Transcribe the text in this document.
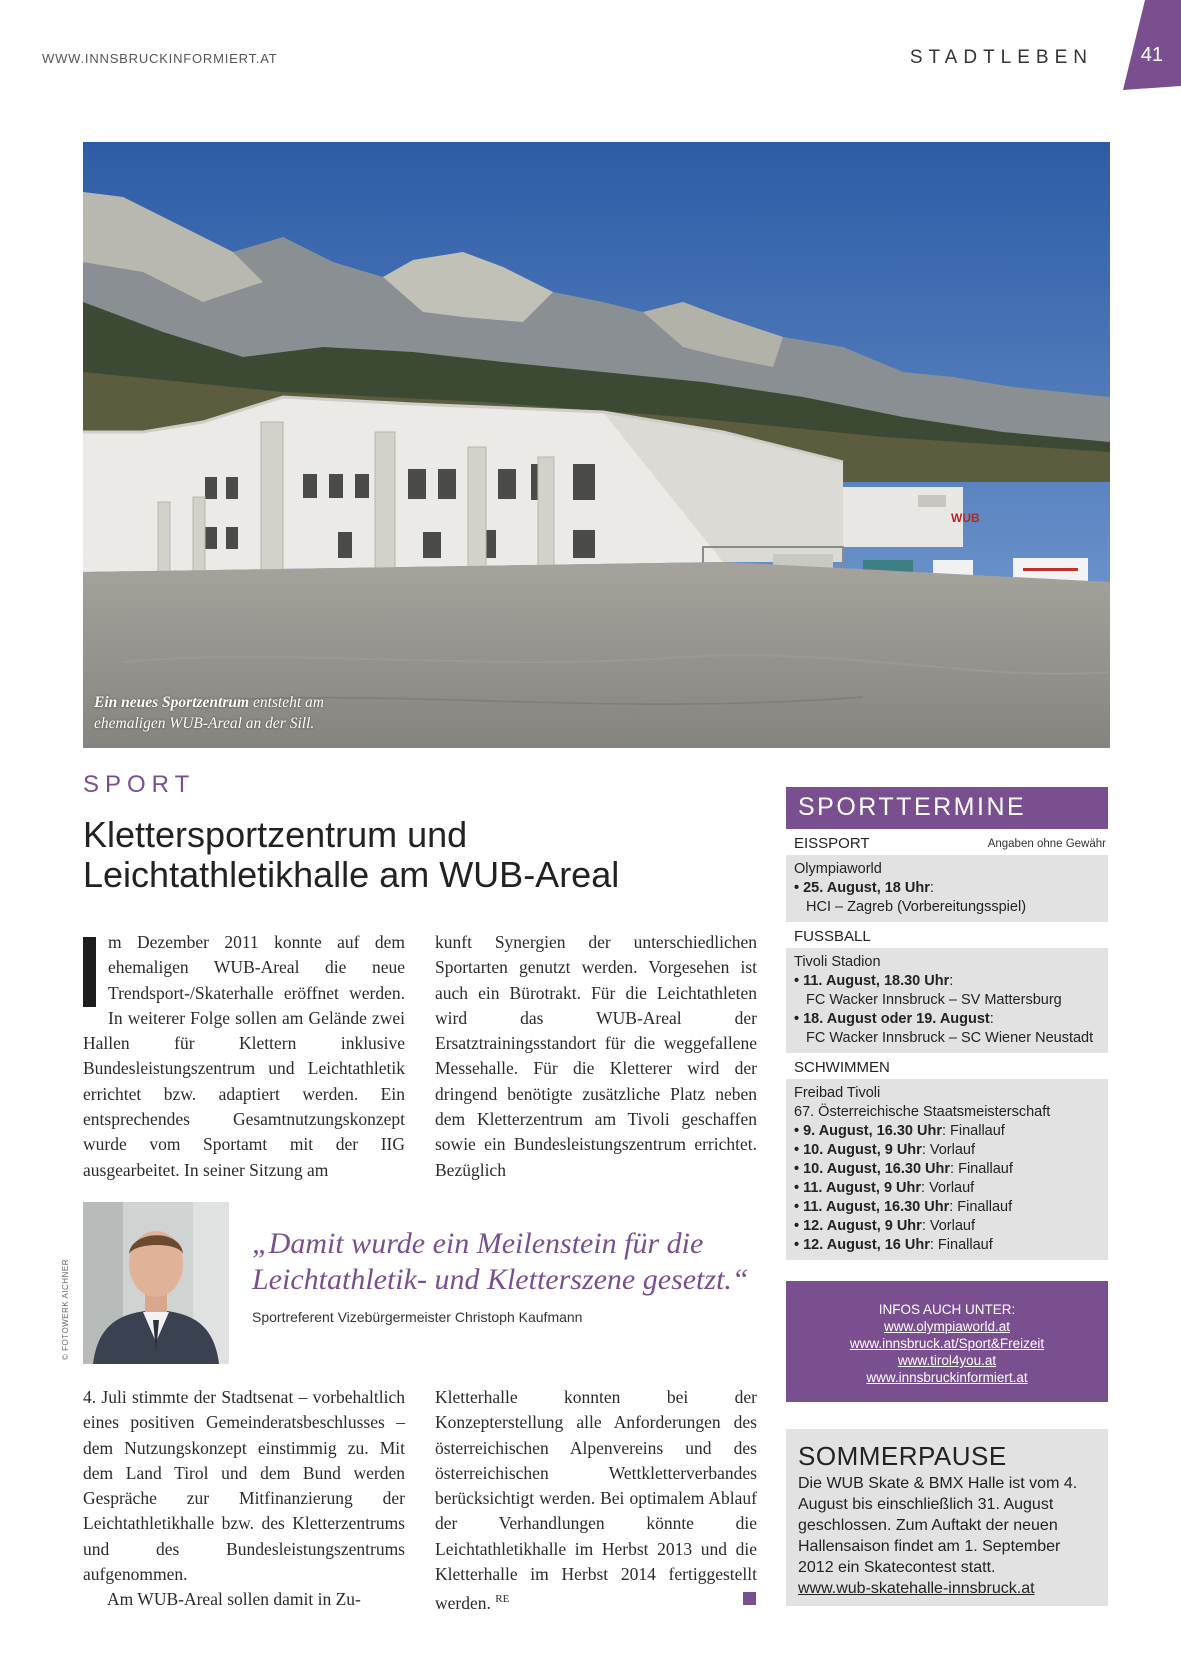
WWW.INNSBRUCKINFORMIERT.AT	STADTLEBEN 41
WUB
Ein neues Sportzentrum entsteht am
ehemaligen WUB-Areal an der Sill.
SPORT
Klettersportzentrum und
Leichtathletikhalle am WUB-Areal

m Dezember 2011 konnte auf dem ehemaligen WUB-Areal die neue Trendsport-/Skaterhalle eröffnet werden. In weiterer Folge sollen am Gelände zwei Hallen für Klettern inklusive Bundesleistungszentrum und Leichtathletik errichtet bzw. adaptiert werden. Ein entsprechendes Gesamtnutzungskonzept wurde vom Sportamt mit der IIG ausgearbeitet. In seiner Sitzung am

kunft Synergien der unterschiedlichen Sportarten genutzt werden. Vorgesehen ist auch ein Bürotrakt. Für die Leichtathleten wird das WUB-Areal der Ersatztrainingsstandort für die weggefallene Messehalle. Für die Kletterer wird der dringend benötigte zusätzliche Platz neben dem Kletterzentrum am Tivoli geschaffen sowie ein Bundesleistungszentrum errichtet. Bezüglich

© FOTOWERK AICHNER
„Damit wurde ein Meilenstein für die
Leichtathletik- und Kletterszene gesetzt.“
Sportreferent Vizebürgermeister Christoph Kaufmann

4. Juli stimmte der Stadtsenat – vorbehaltlich eines positiven Gemeinderatsbeschlusses – dem Nutzungskonzept einstimmig zu. Mit dem Land Tirol und dem Bund werden Gespräche zur Mitfinanzierung der Leichtathletikhalle bzw. des Kletterzentrums und des Bundesleistungszentrums aufgenommen.

Am WUB-Areal sollen damit in Zu-

Kletterhalle konnten bei der Konzepterstellung alle Anforderungen des österreichischen Alpenvereins und des österreichischen Wettkletterverbandes berücksichtigt werden. Bei optimalem Ablauf der Verhandlungen könnte die Leichtathletikhalle im Herbst 2013 und die Kletterhalle im Herbst 2014 fertiggestellt werden. $^{RE}$

SPORTTERMINE
EISSPORT	Angaben ohne Gewähr
Olympiaworld
• 25. August, 18 Uhr:
HCI – Zagreb (Vorbereitungsspiel)
FUSSBALL
Tivoli Stadion
• 11. August, 18.30 Uhr:
FC Wacker Innsbruck – SV Mattersburg
• 18. August oder 19. August:
FC Wacker Innsbruck – SC Wiener Neustadt
SCHWIMMEN
Freibad Tivoli
67. Österreichische Staatsmeisterschaft
• 9. August, 16.30 Uhr: Finallauf
• 10. August, 9 Uhr: Vorlauf
• 10. August, 16.30 Uhr: Finallauf
• 11. August, 9 Uhr: Vorlauf
• 11. August, 16.30 Uhr: Finallauf
• 12. August, 9 Uhr: Vorlauf
• 12. August, 16 Uhr: Finallauf
INFOS AUCH UNTER:
www.olympiaworld.at
www.innsbruck.at/Sport&Freizeit
www.tirol4you.at
www.innsbruckinformiert.at
SOMMERPAUSE
Die WUB Skate & BMX Halle ist vom 4. August bis einschließlich 31. August geschlossen. Zum Auftakt der neuen Hallensaison findet am 1. September 2012 ein Skatecontest statt.
www.wub-skatehalle-innsbruck.at
